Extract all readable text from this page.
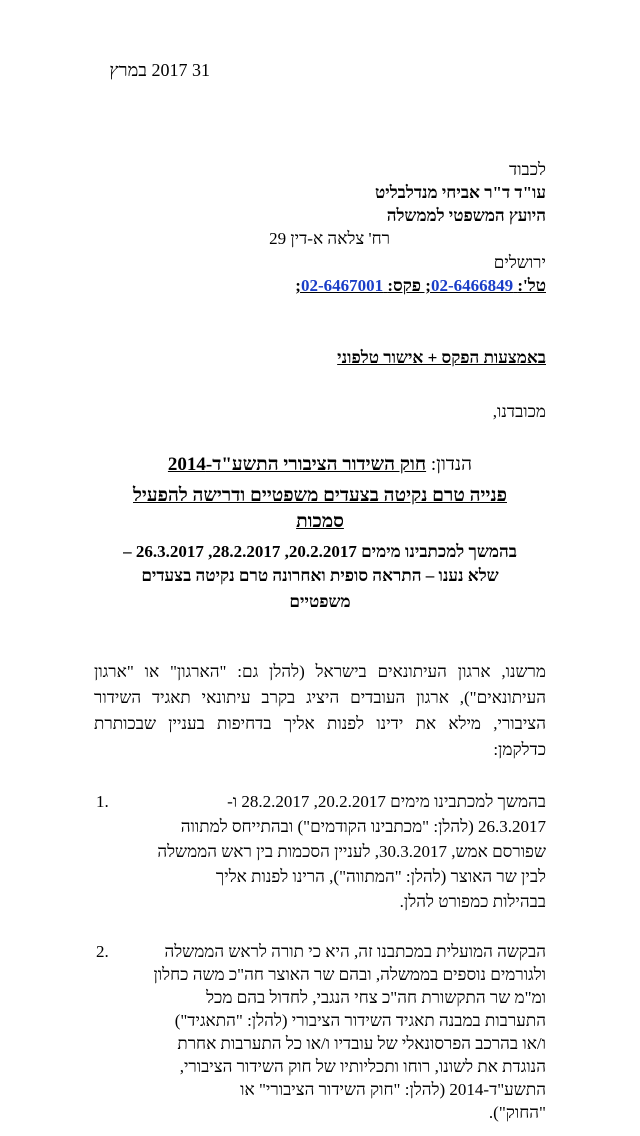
31 2017 במרץ
לכבוד
עו"ד ד"ר אביחי מנדלבליט
היועץ המשפטי לממשלה
רח' צלאה א-דין 29
ירושלים
טל': 02-6466849; פקס: 02-6467001;
באמצעות הפקס + אישור טלפוני
מכובדנו,
הנדון: חוק השידור הציבורי התשע"ד-2014
פנייה טרם נקיטה בצעדים משפטיים ודרישה להפעיל
סמכות
בהמשך למכתבינו מימים 20.2.2017, 28.2.2017, 26.3.2017 –
שלא נענו – התראה סופית ואחרונה טרם נקיטה בצעדים
משפטיים
מרשנו, ארגון העיתונאים בישראל (להלן גם: "הארגון" או "ארגון
העיתונאים"), ארגון העובדים היציג בקרב עיתונאי תאגיד השידור
הציבורי, מילא את ידינו לפנות אליך בדחיפות בעניין שבכותרת
כדלקמן:
1.	בהמשך למכתבינו מימים 20.2.2017, 28.2.2017 ו-
26.3.2017 (להלן: "מכתבינו הקודמים") ובהתייחס למתווה
שפורסם אמש, 30.3.2017, לעניין הסכמות בין ראש הממשלה
לבין שר האוצר (להלן: "המתווה"), הרינו לפנות אליך
בבהילות כמפורט להלן.
2.	הבקשה המועלית במכתבנו זה, היא כי תורה לראש הממשלה
ולגורמים נוספים בממשלה, ובהם שר האוצר חה"כ משה כחלון
ומ"מ שר התקשורת חה"כ צחי הנגבי, לחדול בהם מכל
התערבות במבנה תאגיד השידור הציבורי (להלן: "התאגיד")
ו/או בהרכב הפרסונאלי של עובדיו ו/או כל התערבות אחרת
הנוגדת את לשונו, רוחו ותכליותיו של חוק השידור הציבורי,
התשע"ד-2014 (להלן: "חוק השידור הציבורי" או
"החוק").
